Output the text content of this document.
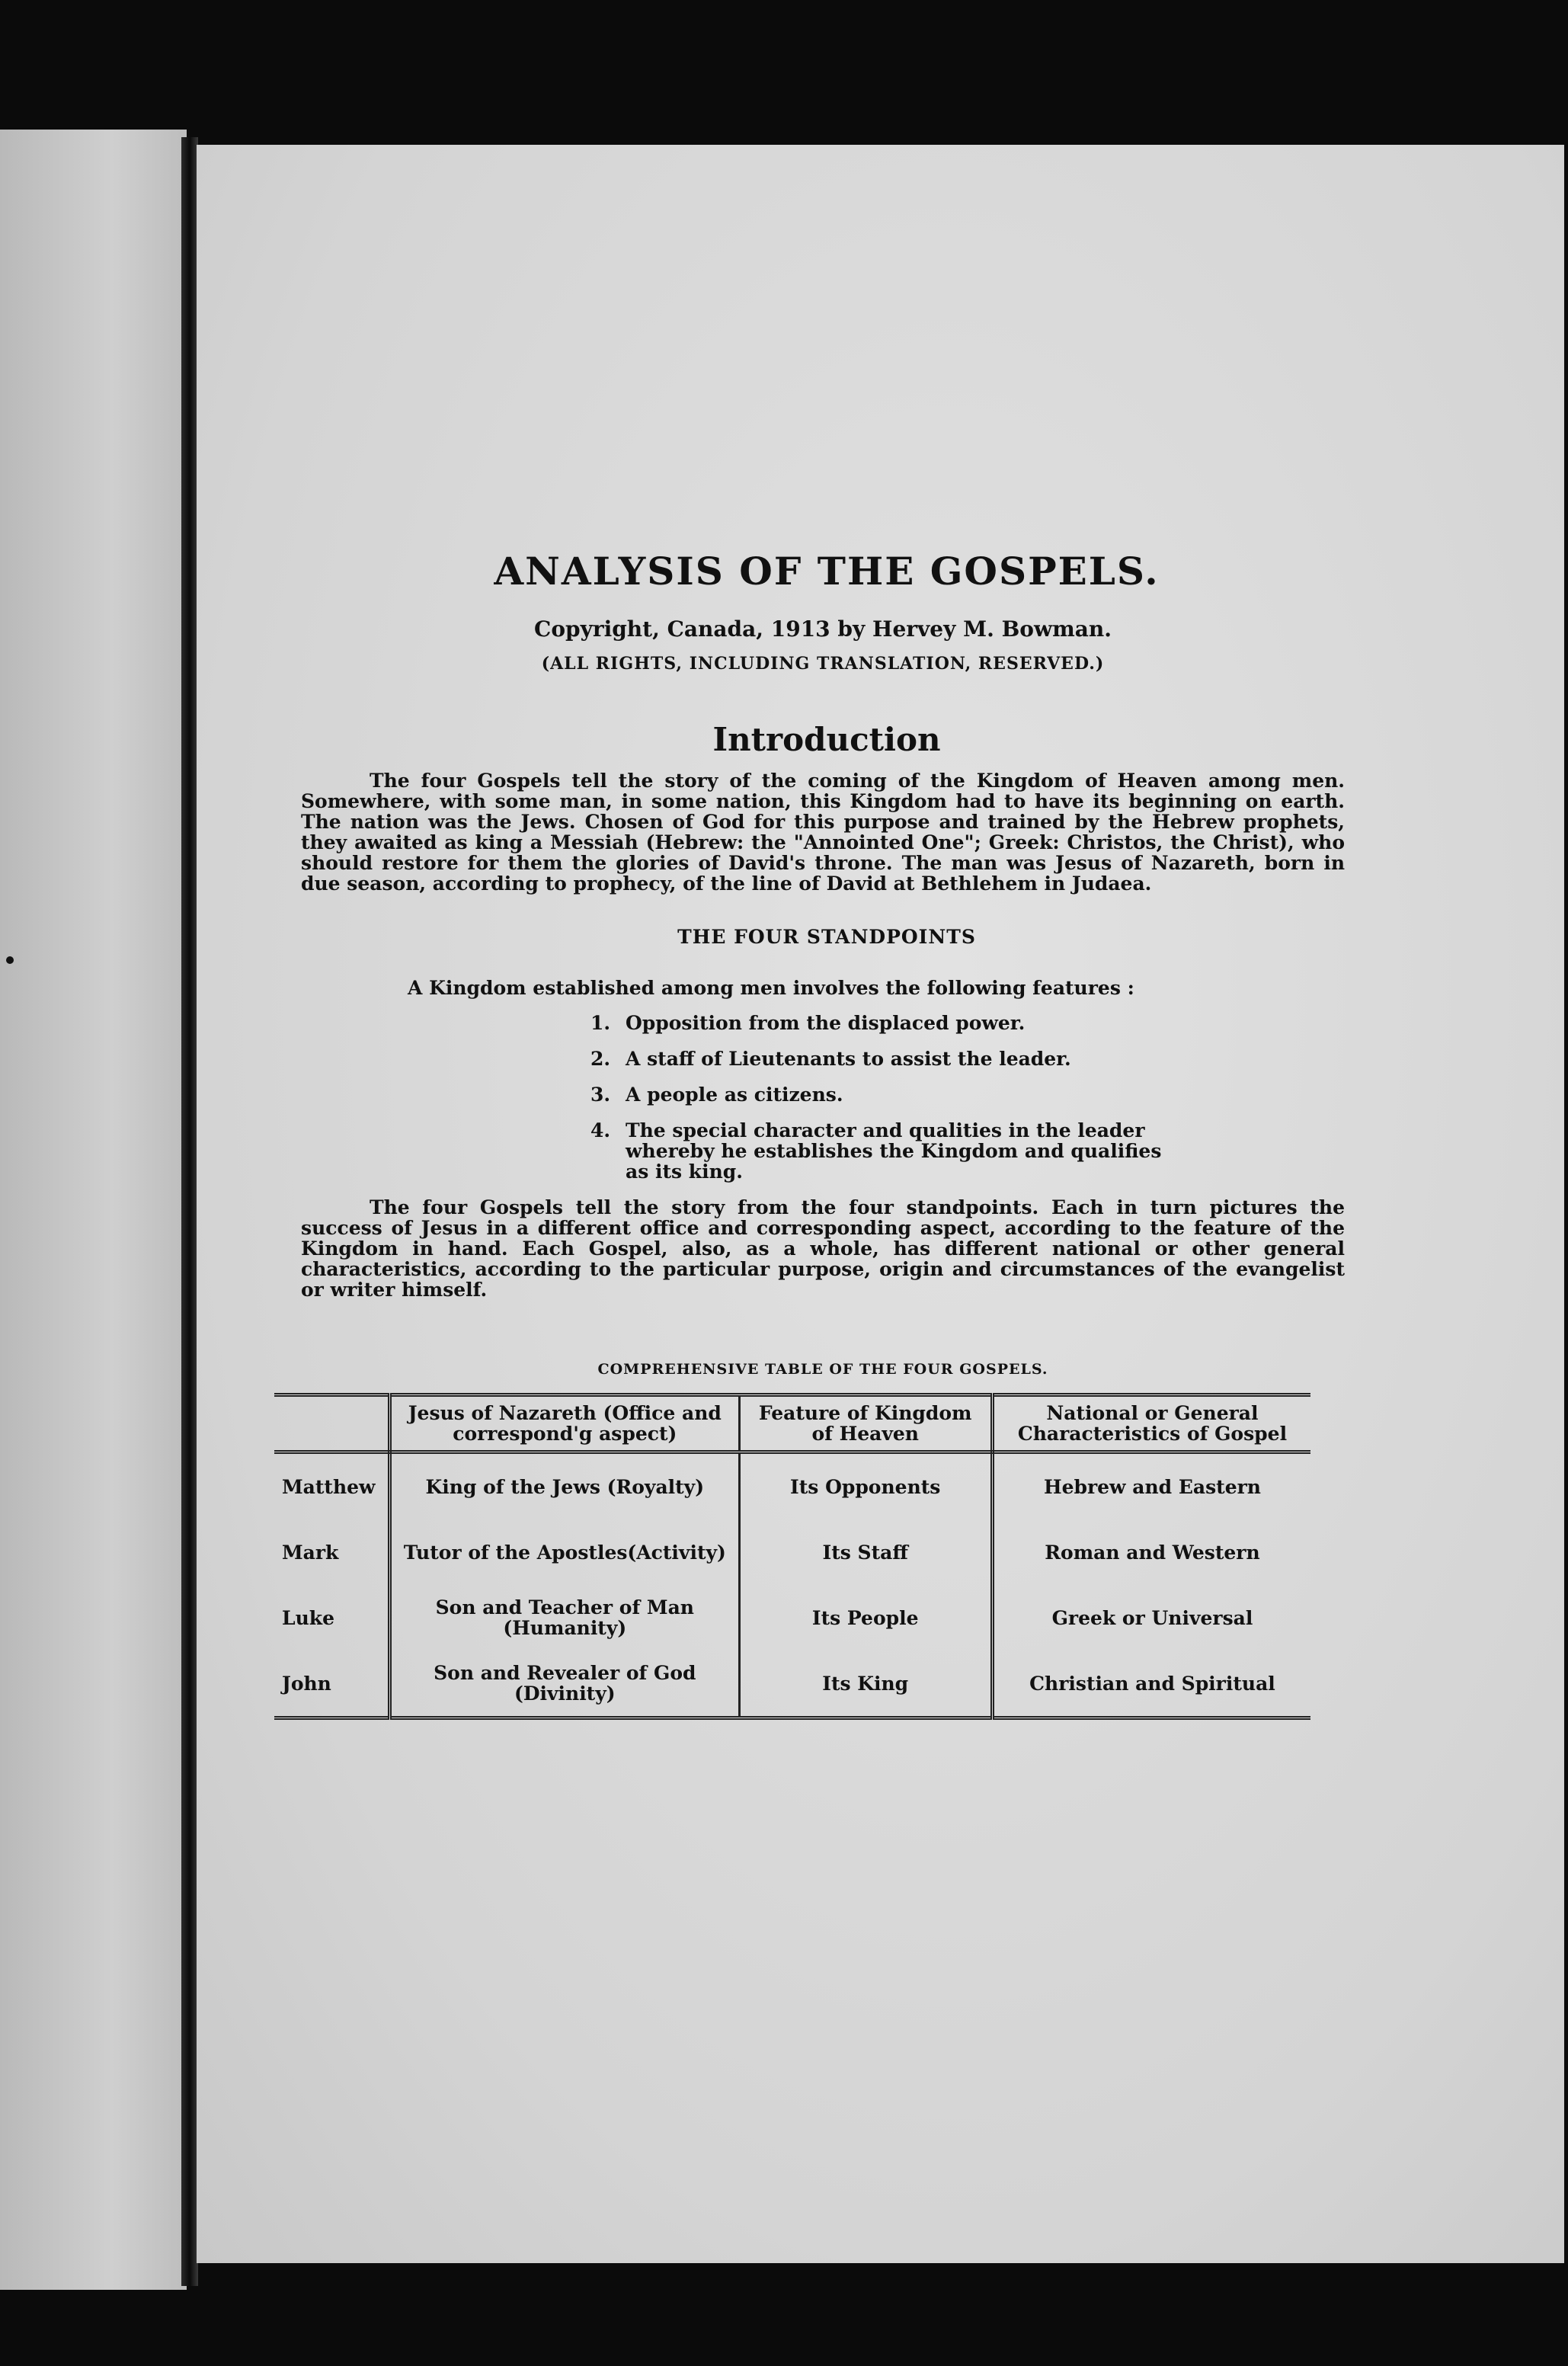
ANALYSIS OF THE GOSPELS.
Copyright, Canada, 1913 by Hervey M. Bowman.
(ALL RIGHTS, INCLUDING TRANSLATION, RESERVED.)
Introduction
The four Gospels tell the story of the coming of the Kingdom of Heaven among men. Somewhere, with some man, in some nation, this Kingdom had to have its beginning on earth. The nation was the Jews. Chosen of God for this purpose and trained by the Hebrew prophets, they awaited as king a Messiah (Hebrew: the "Annointed One"; Greek: Christos, the Christ), who should restore for them the glories of David's throne. The man was Jesus of Nazareth, born in due season, according to prophecy, of the line of David at Bethlehem in Judaea.
THE FOUR STANDPOINTS
A Kingdom established among men involves the following features :
1. Opposition from the displaced power.
2. A staff of Lieutenants to assist the leader.
3. A people as citizens.
4. The special character and qualities in the leader whereby he establishes the Kingdom and qualifies as its king.
The four Gospels tell the story from the four standpoints. Each in turn pictures the success of Jesus in a different office and corresponding aspect, according to the feature of the Kingdom in hand. Each Gospel, also, as a whole, has different national or other general characteristics, according to the particular purpose, origin and circumstances of the evangelist or writer himself.
COMPREHENSIVE TABLE OF THE FOUR GOSPELS.
	Jesus of Nazareth (Office and correspond'g aspect)	Feature of Kingdom of Heaven	National or General Characteristics of Gospel
Matthew	King of the Jews (Royalty)	Its Opponents	Hebrew and Eastern
Mark	Tutor of the Apostles(Activity)	Its Staff	Roman and Western
Luke	Son and Teacher of Man (Humanity)	Its People	Greek or Universal
John	Son and Revealer of God (Divinity)	Its King	Christian and Spiritual
